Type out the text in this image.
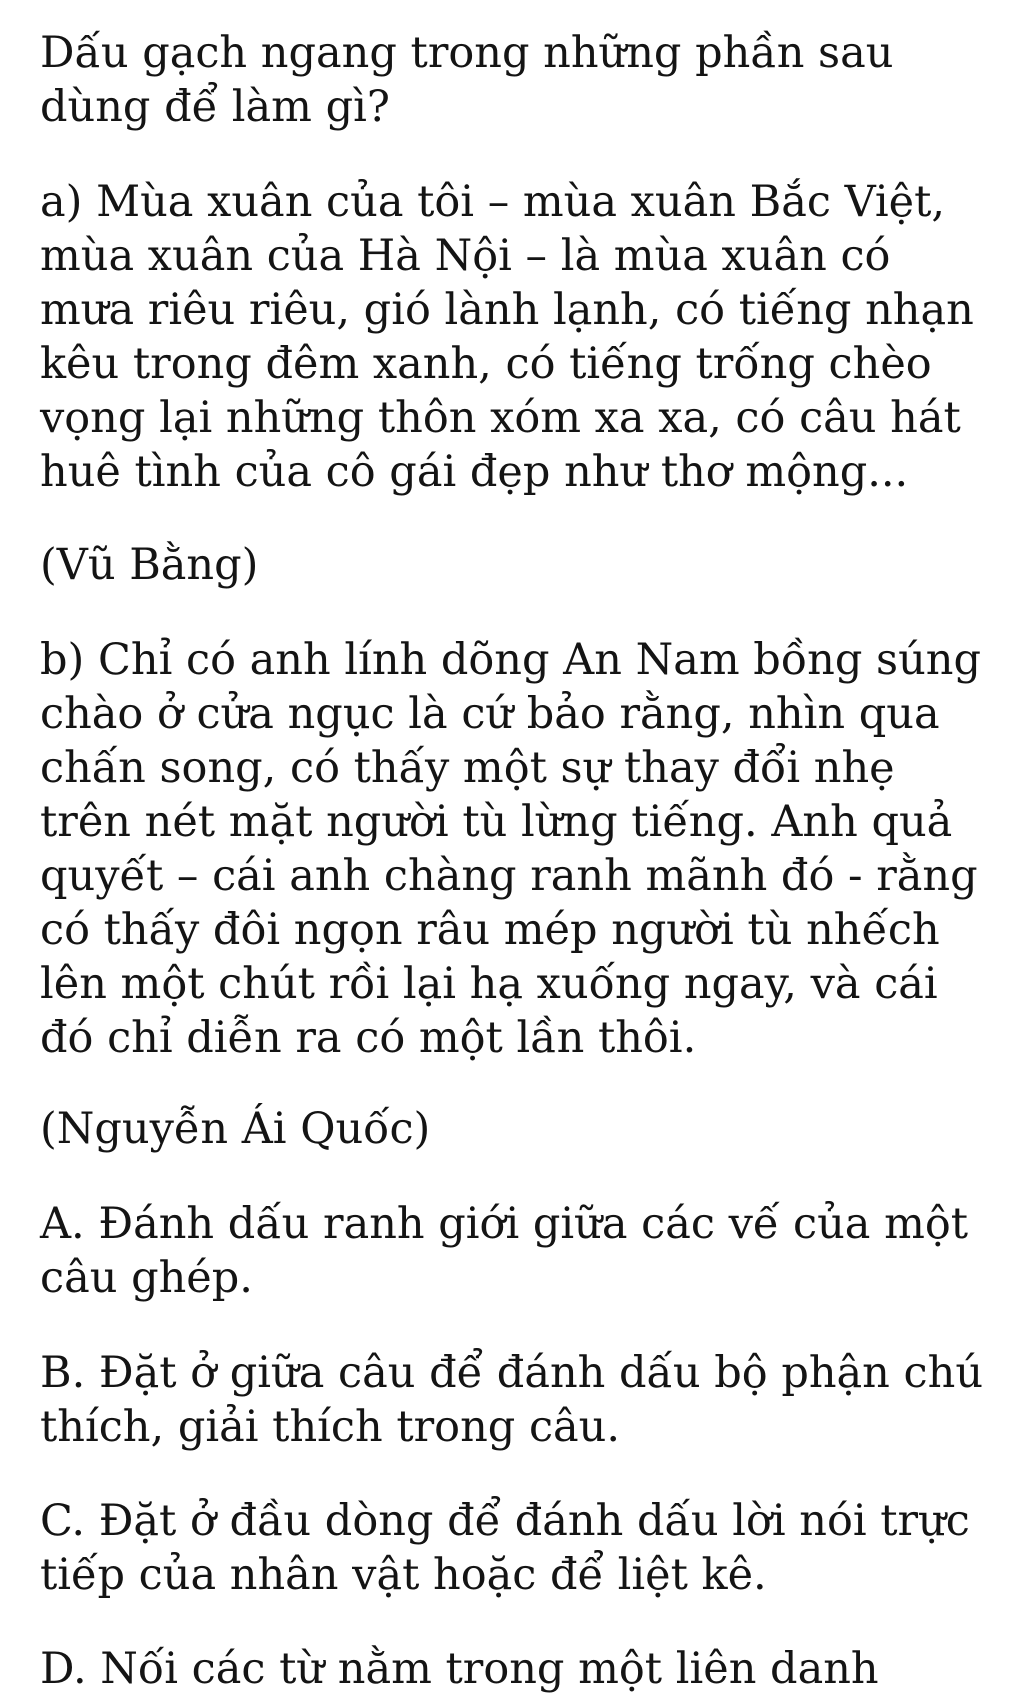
Dấu gạch ngang trong những phần sau
dùng để làm gì?

a) Mùa xuân của tôi – mùa xuân Bắc Việt,
mùa xuân của Hà Nội – là mùa xuân có
mưa riêu riêu, gió lành lạnh, có tiếng nhạn
kêu trong đêm xanh, có tiếng trống chèo
vọng lại những thôn xóm xa xa, có câu hát
huê tình của cô gái đẹp như thơ mộng...

(Vũ Bằng)

b) Chỉ có anh lính dõng An Nam bồng súng
chào ở cửa ngục là cứ bảo rằng, nhìn qua
chấn song, có thấy một sự thay đổi nhẹ
trên nét mặt người tù lừng tiếng. Anh quả
quyết – cái anh chàng ranh mãnh đó - rằng
có thấy đôi ngọn râu mép người tù nhếch
lên một chút rồi lại hạ xuống ngay, và cái
đó chỉ diễn ra có một lần thôi.

(Nguyễn Ái Quốc)

A. Đánh dấu ranh giới giữa các vế của một
câu ghép.

B. Đặt ở giữa câu để đánh dấu bộ phận chú
thích, giải thích trong câu.

C. Đặt ở đầu dòng để đánh dấu lời nói trực
tiếp của nhân vật hoặc để liệt kê.

D. Nối các từ nằm trong một liên danh
